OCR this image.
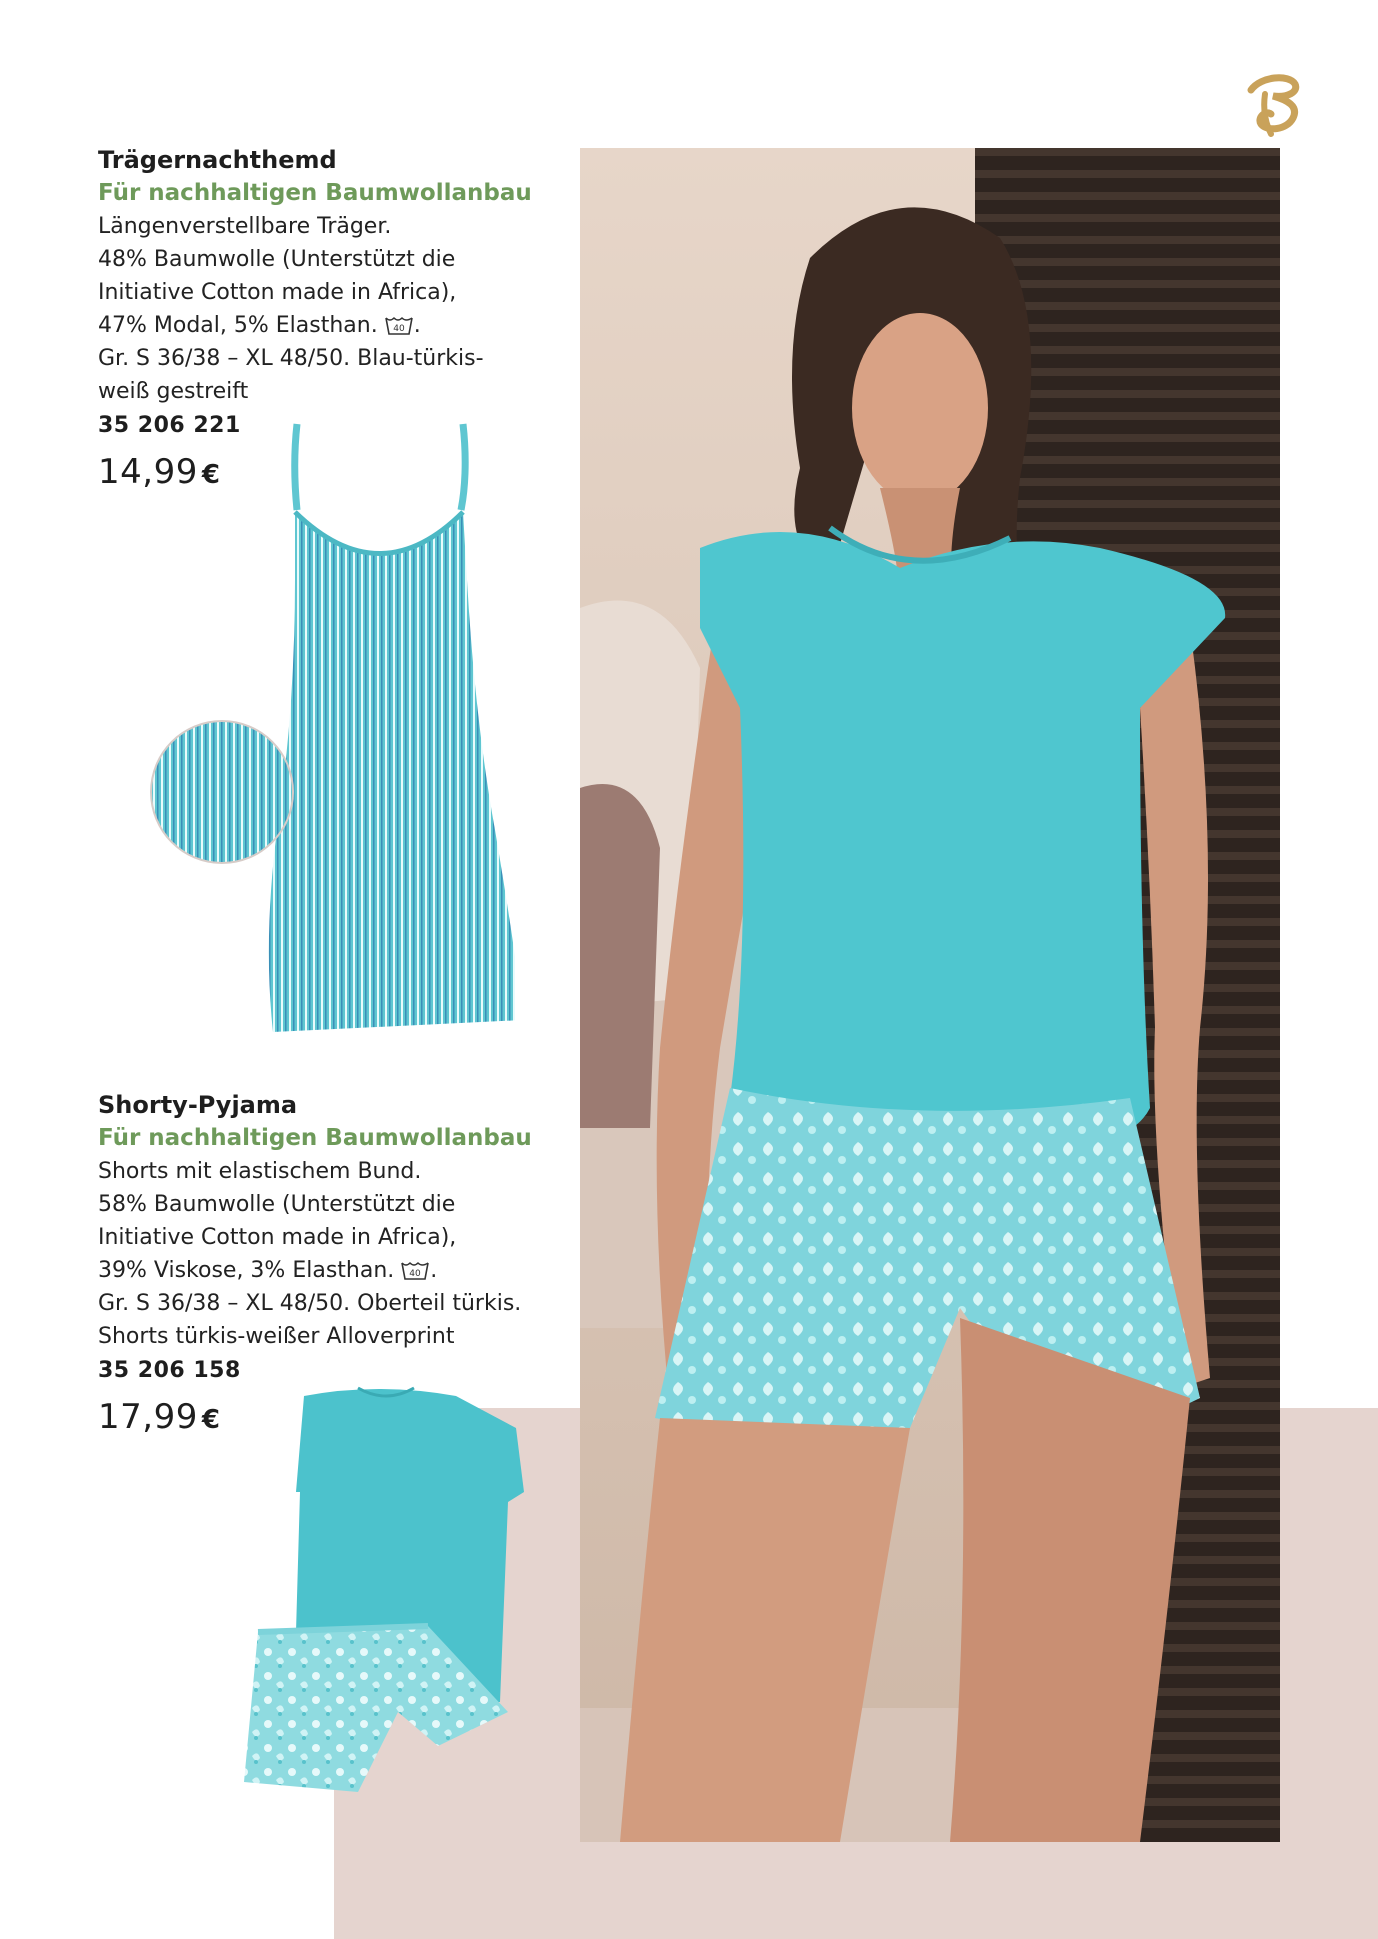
Trägernachthemd
Für nachhaltigen Baumwollanbau
Längenverstellbare Träger.
48% Baumwolle (Unterstützt die
Initiative Cotton made in Africa),
47% Modal, 5% Elasthan. 40 .
Gr. S 36/38 – XL 48/50. Blau-türkis-
weiß gestreift
35 206 221
14,99 €
Shorty-Pyjama
Für nachhaltigen Baumwollanbau
Shorts mit elastischem Bund.
58% Baumwolle (Unterstützt die
Initiative Cotton made in Africa),
39% Viskose, 3% Elasthan. 40 .
Gr. S 36/38 – XL 48/50. Oberteil türkis.
Shorts türkis-weißer Alloverprint
35 206 158
17,99 €
